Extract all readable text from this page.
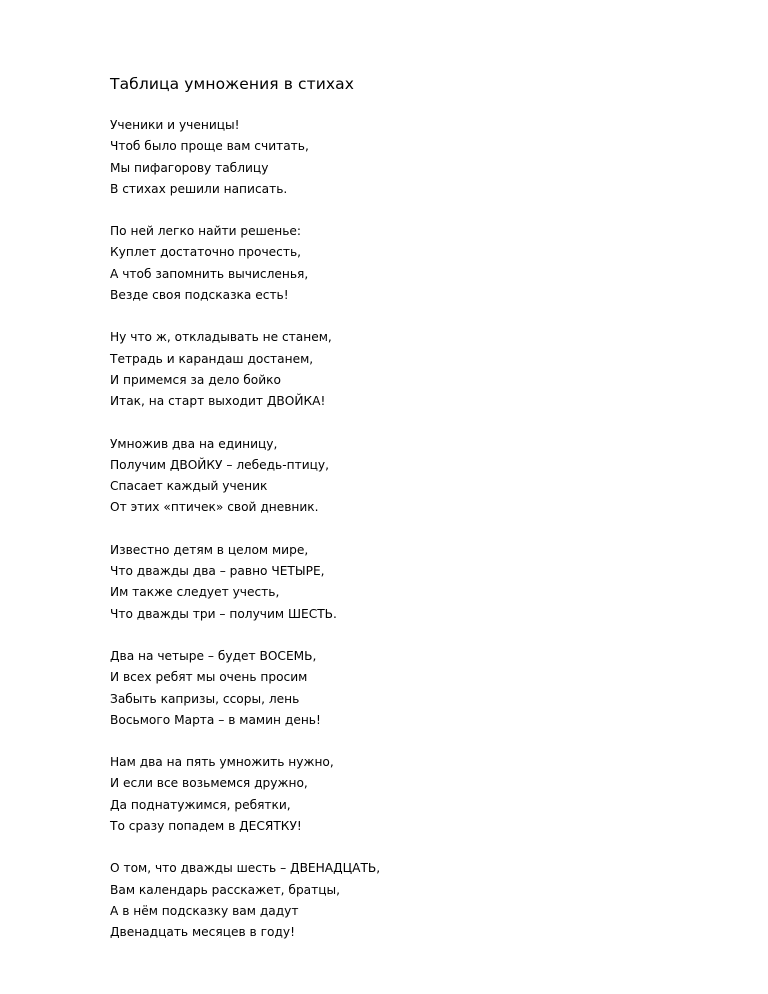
Таблица умножения в стихах
Ученики и ученицы!
Чтоб было проще вам считать,
Мы пифагорову таблицу
В стихах решили написать.
По ней легко найти решенье:
Куплет достаточно прочесть,
А чтоб запомнить вычисленья,
Везде своя подсказка есть!
Ну что ж, откладывать не станем,
Тетрадь и карандаш достанем,
И примемся за дело бойко
Итак, на старт выходит ДВОЙКА!
Умножив два на единицу,
Получим ДВОЙКУ – лебедь-птицу,
Спасает каждый ученик
От этих «птичек» свой дневник.
Известно детям в целом мире,
Что дважды два – равно ЧЕТЫРЕ,
Им также следует учесть,
Что дважды три – получим ШЕСТЬ.
Два на четыре – будет ВОСЕМЬ,
И всех ребят мы очень просим
Забыть капризы, ссоры, лень
Восьмого Марта – в мамин день!
Нам два на пять умножить нужно,
И если все возьмемся дружно,
Да поднатужимся, ребятки,
То сразу попадем в ДЕСЯТКУ!
О том, что дважды шесть – ДВЕНАДЦАТЬ,
Вам календарь расскажет, братцы,
А в нём подсказку вам дадут
Двенадцать месяцев в году!
